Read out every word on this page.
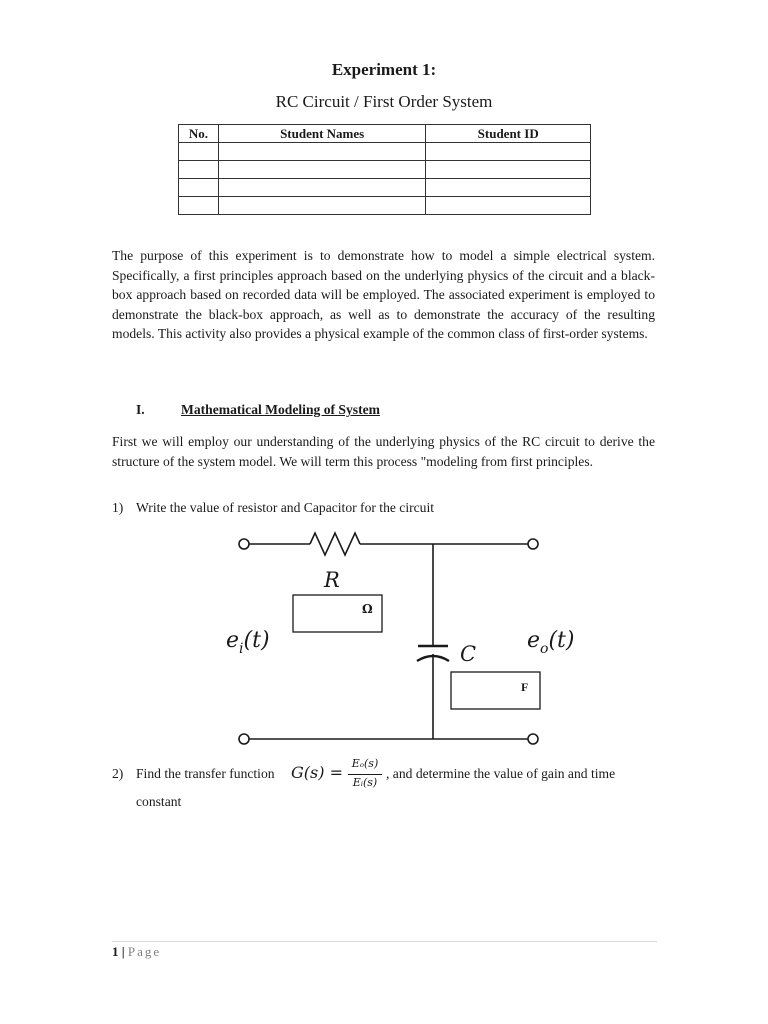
Experiment 1:
RC Circuit / First Order System
No.	Student Names	Student ID

The purpose of this experiment is to demonstrate how to model a simple electrical system. Specifically, a first principles approach based on the underlying physics of the circuit and a black-box approach based on recorded data will be employed. The associated experiment is employed to demonstrate the black-box approach, as well as to demonstrate the accuracy of the resulting models. This activity also provides a physical example of the common class of first-order systems.
I.	Mathematical Modeling of System
First we will employ our understanding of the underlying physics of the RC circuit to derive the structure of the system model. We will term this process "modeling from first principles.
1) Write the value of resistor and Capacitor for the circuit
Ω
F
R
C
$e_i(t)$	$e_o(t)$
2) Find the transfer function G(s) = Eₒ(s)
Eᵢ(s)
, and determine the value of gain and time
constant
1 | Page
